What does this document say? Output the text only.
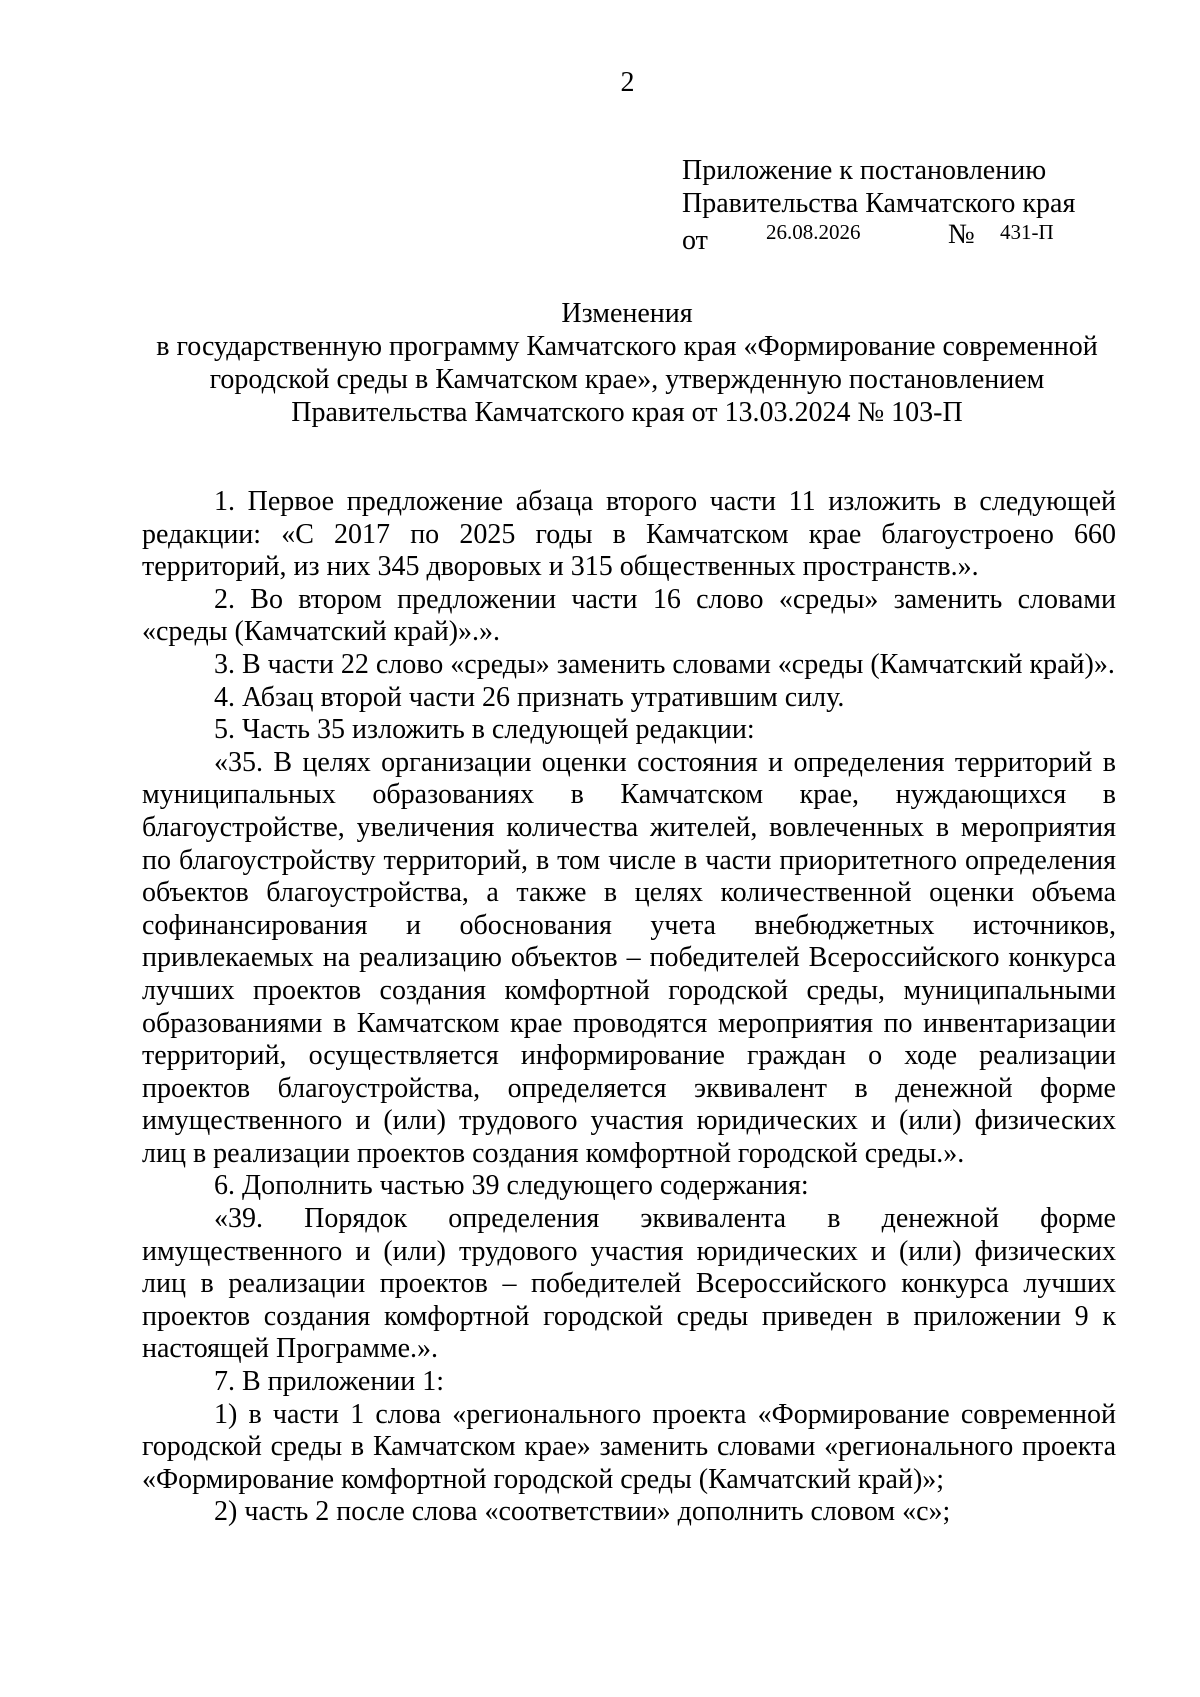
2
Приложение к постановлению
Правительства Камчатского края
от	26.08.2026	№ 431-П
Изменения
в государственную программу Камчатского края «Формирование современной
городской среды в Камчатском крае», утвержденную постановлением
Правительства Камчатского края от 13.03.2024 № 103-П

1. Первое предложение абзаца второго части 11 изложить в следующей редакции: «С 2017 по 2025 годы в Камчатском крае благоустроено 660 территорий, из них 345 дворовых и 315 общественных пространств.».

2. Во втором предложении части 16 слово «среды» заменить словами «среды (Камчатский край)».».

3. В части 22 слово «среды» заменить словами «среды (Камчатский край)».

4. Абзац второй части 26 признать утратившим силу.

5. Часть 35 изложить в следующей редакции:

«35. В целях организации оценки состояния и определения территорий в муниципальных образованиях в Камчатском крае, нуждающихся в благоустройстве, увеличения количества жителей, вовлеченных в мероприятия по благоустройству территорий, в том числе в части приоритетного определения объектов благоустройства, а также в целях количественной оценки объема софинансирования и обоснования учета внебюджетных источников, привлекаемых на реализацию объектов – победителей Всероссийского конкурса лучших проектов создания комфортной городской среды, муниципальными образованиями в Камчатском крае проводятся мероприятия по инвентаризации территорий, осуществляется информирование граждан о ходе реализации проектов благоустройства, определяется эквивалент в денежной форме имущественного и (или) трудового участия юридических и (или) физических лиц в реализации проектов создания комфортной городской среды.».

6. Дополнить частью 39 следующего содержания:

«39. Порядок определения эквивалента в денежной форме имущественного и (или) трудового участия юридических и (или) физических лиц в реализации проектов – победителей Всероссийского конкурса лучших проектов создания комфортной городской среды приведен в приложении 9 к настоящей Программе.».

7. В приложении 1:

1) в части 1 слова «регионального проекта «Формирование современной городской среды в Камчатском крае» заменить словами «регионального проекта «Формирование комфортной городской среды (Камчатский край)»;

2) часть 2 после слова «соответствии» дополнить словом «с»;
